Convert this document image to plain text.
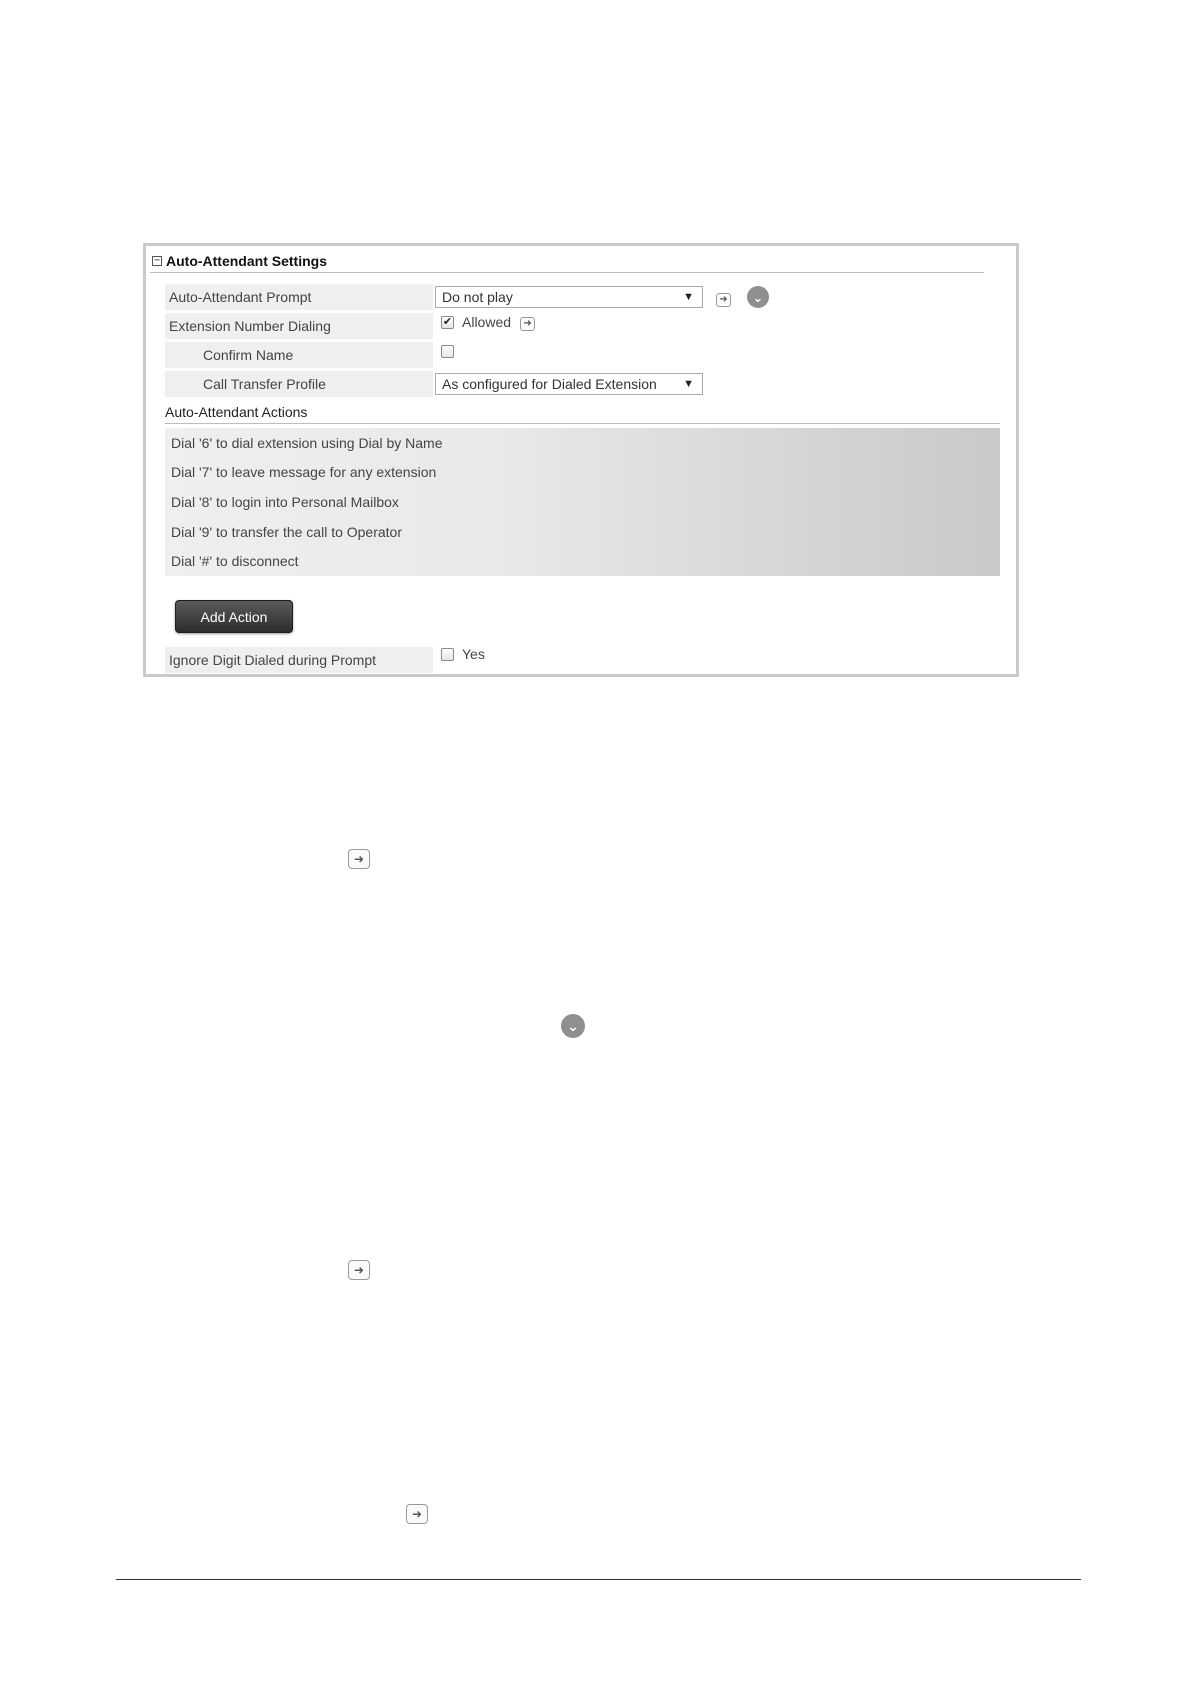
− Auto-Attendant Settings
Auto-Attendant Prompt	Do not play	▼	➜	⌄
Extension Number Dialing	✔ Allowed	➜
Confirm Name
Call Transfer Profile	As configured for Dialed Extension ▼
Auto-Attendant Actions
Dial '6' to dial extension using Dial by Name
Dial '7' to leave message for any extension
Dial '8' to login into Personal Mailbox
Dial '9' to transfer the call to Operator
Dial '#' to disconnect
Add Action
Ignore Digit Dialed during Prompt	Yes
➜
⌄
➜
➜
